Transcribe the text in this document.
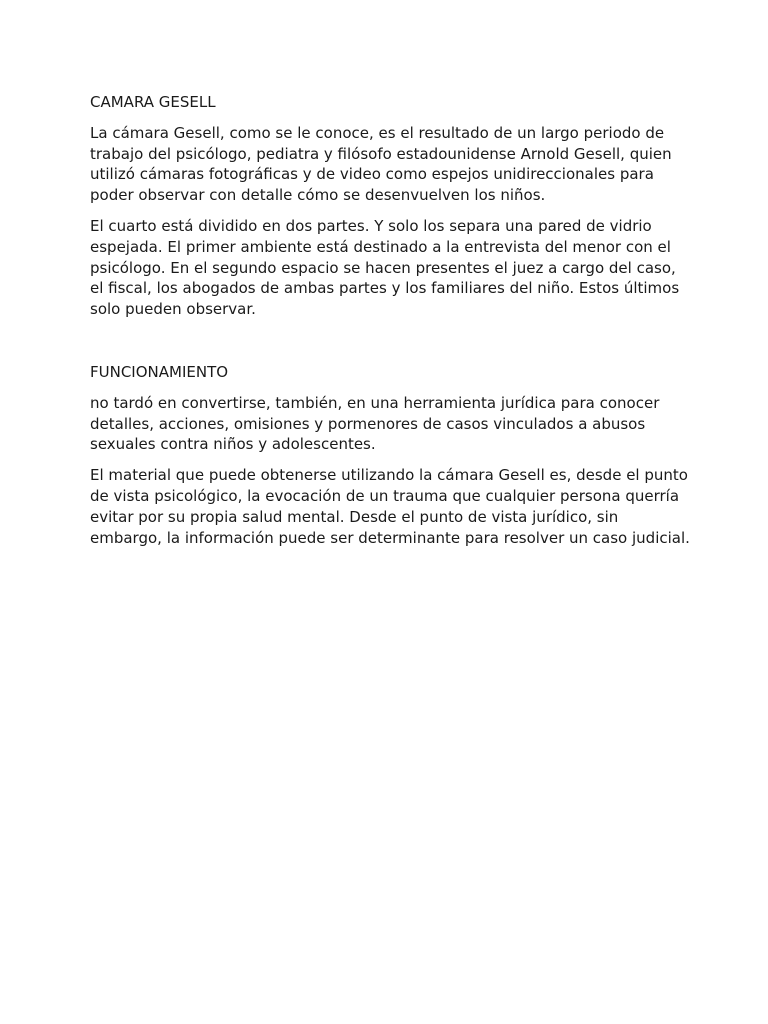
CAMARA GESELL

La cámara Gesell, como se le conoce, es el resultado de un largo periodo de trabajo del psicólogo, pediatra y filósofo estadounidense Arnold Gesell, quien utilizó cámaras fotográficas y de video como espejos unidireccionales para poder observar con detalle cómo se desenvuelven los niños.

El cuarto está dividido en dos partes. Y solo los separa una pared de vidrio espejada. El primer ambiente está destinado a la entrevista del menor con el psicólogo. En el segundo espacio se hacen presentes el juez a cargo del caso, el fiscal, los abogados de ambas partes y los familiares del niño. Estos últimos solo pueden observar.

FUNCIONAMIENTO

no tardó en convertirse, también, en una herramienta jurídica para conocer detalles, acciones, omisiones y pormenores de casos vinculados a abusos sexuales contra niños y adolescentes.

El material que puede obtenerse utilizando la cámara Gesell es, desde el punto de vista psicológico, la evocación de un trauma que cualquier persona querría evitar por su propia salud mental. Desde el punto de vista jurídico, sin embargo, la información puede ser determinante para resolver un caso judicial.
